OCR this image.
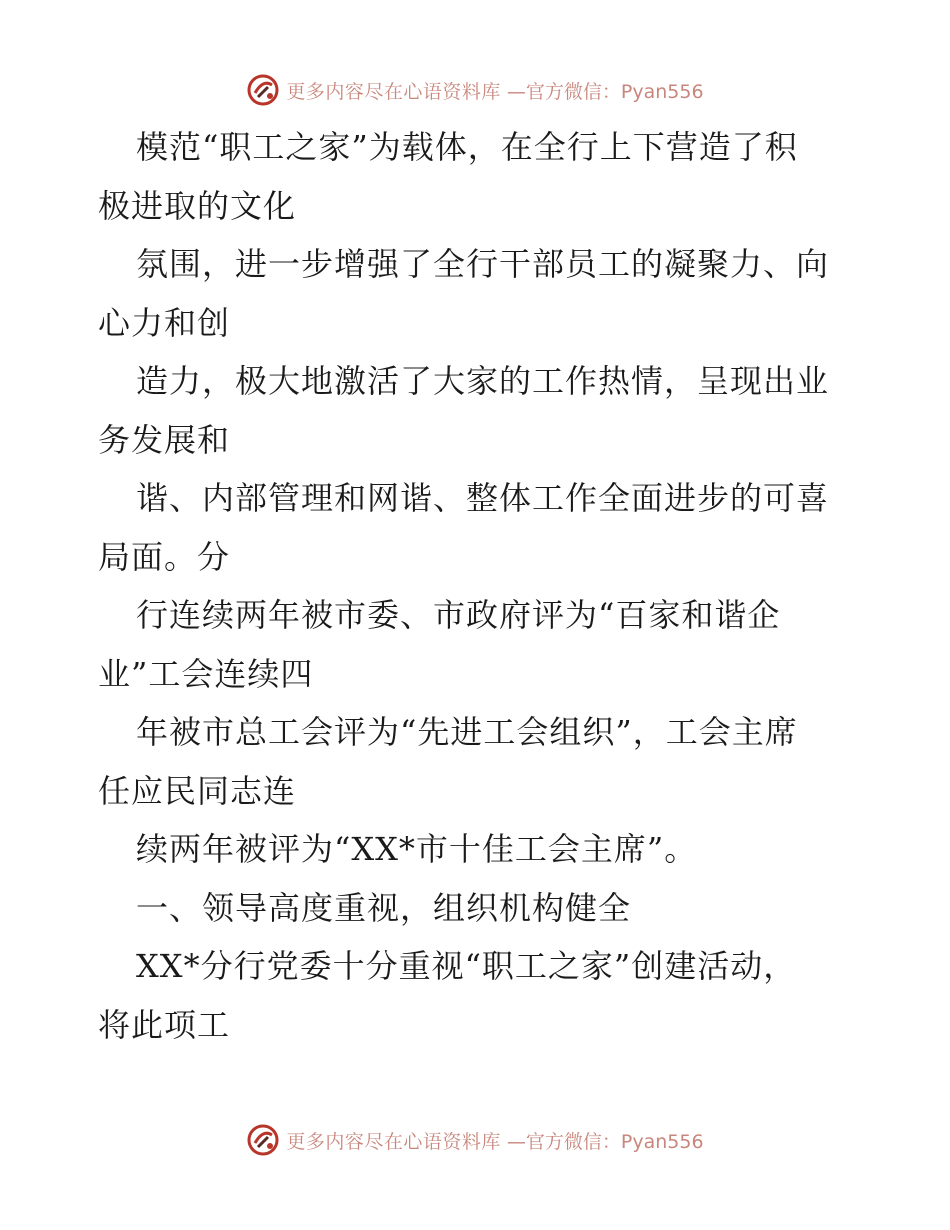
更多内容尽在心语资料库 —官方微信：Pyan556
模范“职工之家”为载体，在全行上下营造了积
极进取的文化
氛围，进一步增强了全行干部员工的凝聚力、向
心力和创
造力，极大地激活了大家的工作热情，呈现出业
务发展和
谐、内部管理和网谐、整体工作全面进步的可喜
局面。分
行连续两年被市委、市政府评为“百家和谐企
业”工会连续四
年被市总工会评为“先进工会组织”，工会主席
任应民同志连
续两年被评为“XX*市十佳工会主席”。
一、领导高度重视，组织机构健全
XX*分行党委十分重视“职工之家”创建活动，
将此项工
更多内容尽在心语资料库 —官方微信：Pyan556
